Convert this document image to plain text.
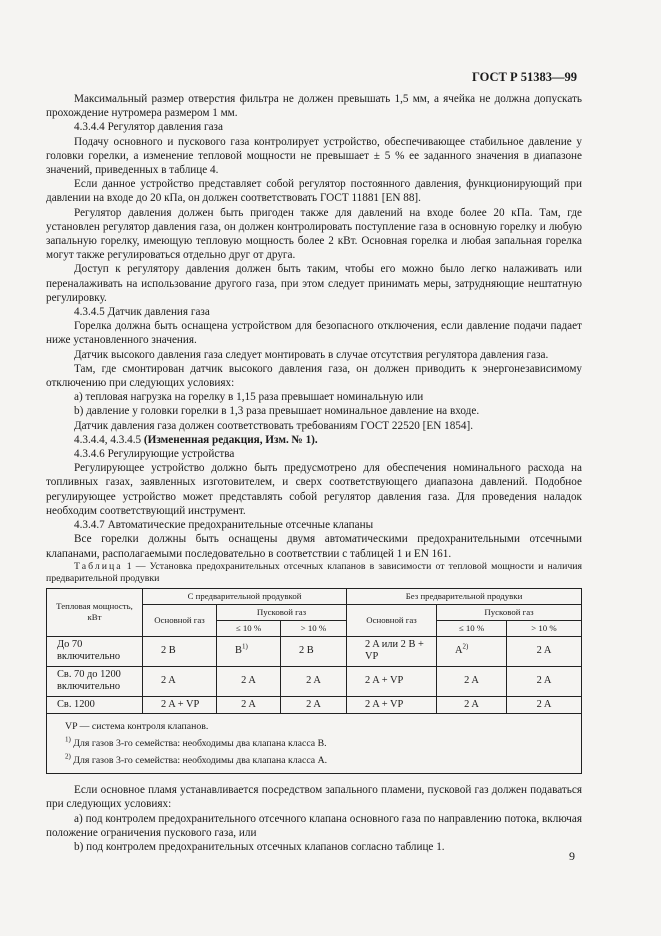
ГОСТ Р 51383—99

Максимальный размер отверстия фильтра не должен превышать 1,5 мм, а ячейка не должна допускать прохождение нутромера размером 1 мм.

4.3.4.4 Регулятор давления газа

Подачу основного и пускового газа контролирует устройство, обеспечивающее стабильное давление у головки горелки, а изменение тепловой мощности не превышает ± 5 % ее заданного значения в диапазоне значений, приведенных в таблице 4.

Если данное устройство представляет собой регулятор постоянного давления, функционирующий при давлении на входе до 20 кПа, он должен соответствовать ГОСТ 11881 [EN 88].

Регулятор давления должен быть пригоден также для давлений на входе более 20 кПа. Там, где установлен регулятор давления газа, он должен контролировать поступление газа в основную горелку и любую запальную горелку, имеющую тепловую мощность более 2 кВт. Основная горелка и любая запальная горелка могут также регулироваться отдельно друг от друга.

Доступ к регулятору давления должен быть таким, чтобы его можно было легко налаживать или переналаживать на использование другого газа, при этом следует принимать меры, затрудняющие нештатную регулировку.

4.3.4.5 Датчик давления газа

Горелка должна быть оснащена устройством для безопасного отключения, если давление подачи падает ниже установленного значения.

Датчик высокого давления газа следует монтировать в случае отсутствия регулятора давления газа.

Там, где смонтирован датчик высокого давления газа, он должен приводить к энергонезависимому отключению при следующих условиях:

а) тепловая нагрузка на горелку в 1,15 раза превышает номинальную или

b) давление у головки горелки в 1,3 раза превышает номинальное давление на входе.

Датчик давления газа должен соответствовать требованиям ГОСТ 22520 [EN 1854].

4.3.4.4, 4.3.4.5 (Измененная редакция, Изм. № 1).

4.3.4.6 Регулирующие устройства

Регулирующее устройство должно быть предусмотрено для обеспечения номинального расхода на топливных газах, заявленных изготовителем, и сверх соответствующего диапазона давлений. Подобное регулирующее устройство может представлять собой регулятор давления газа. Для проведения наладок необходим соответствующий инструмент.

4.3.4.7 Автоматические предохранительные отсечные клапаны

Все горелки должны быть оснащены двумя автоматическими предохранительными отсечными клапанами, располагаемыми последовательно в соответствии с таблицей 1 и EN 161.

Таблица 1 — Установка предохранительных отсечных клапанов в зависимости от тепловой мощности и наличия предварительной продувки

Тепловая мощность, кВт	С предварительной продувкой			Без предварительной продувки		
	Основной газ	Пусковой газ		Основной газ	Пусковой газ	
		≤ 10 %	> 10 %		≤ 10 %	> 10 %
До 70 включительно	2 B	$B^{1)}$	2 B	2 A или 2 B + VP	$A^{2)}$	2 A
Св. 70 до 1200 включительно	2 A	2 A	2 A	2 A + VP	2 A	2 A
Св. 1200	2 A + VP	2 A	2 A	2 A + VP	2 A	2 A

VP — система контроля клапанов.
$^{1)}$ Для газов 3-го семейства: необходимы два клапана класса B.
$^{2)}$ Для газов 3-го семейства: необходимы два клапана класса А.						

Если основное пламя устанавливается посредством запального пламени, пусковой газ должен подаваться при следующих условиях:

а) под контролем предохранительного отсечного клапана основного газа по направлению потока, включая положение ограничения пускового газа, или

b) под контролем предохранительных отсечных клапанов согласно таблице 1.

9
